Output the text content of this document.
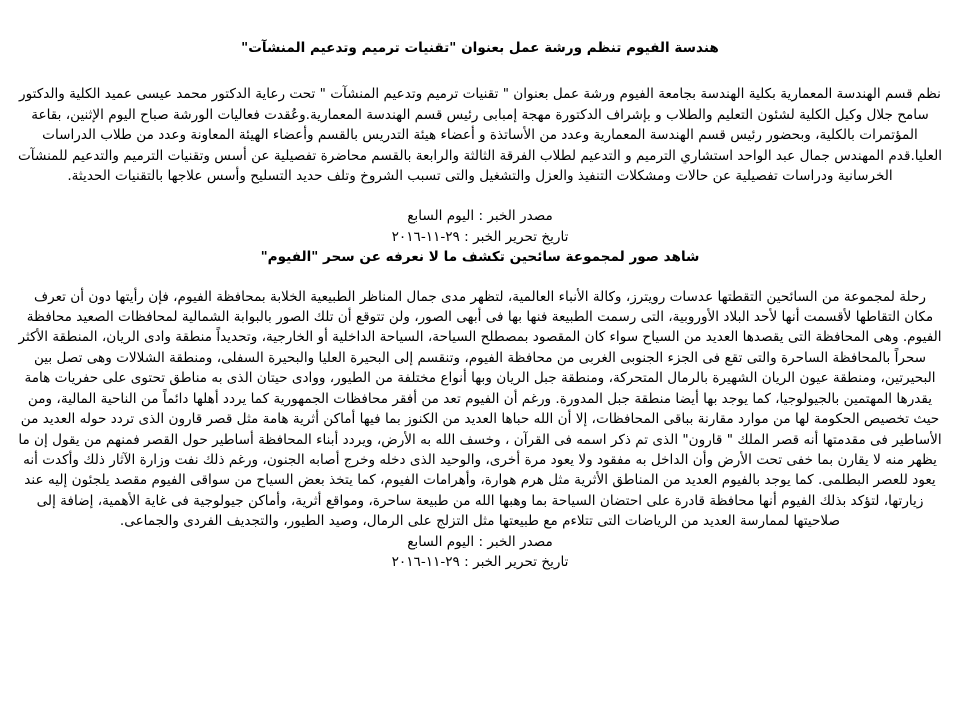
هندسة الفيوم تنظم ورشة عمل بعنوان "تقنيات ترميم وتدعيم المنشآت"

نظم قسم الهندسة المعمارية بكلية الهندسة بجامعة الفيوم ورشة عمل بعنوان " تقنيات ترميم وتدعيم المنشآت " تحت رعاية الدكتور محمد عيسى عميد الكلية والدكتور سامح جلال وكيل الكلية لشئون التعليم والطلاب و بإشراف الدكتورة مهجة إمبابى رئيس قسم الهندسة المعمارية.وعُقدت فعاليات الورشة صباح اليوم الإثنين، بقاعة المؤتمرات بالكلية، وبحضور رئيس قسم الهندسة المعمارية وعدد من الأساتذة و أعضاء هيئة التدريس بالقسم وأعضاء الهيئة المعاونة وعدد من طلاب الدراسات العليا.قدم المهندس جمال عبد الواحد استشاري الترميم و التدعيم لطلاب الفرقة الثالثة والرابعة بالقسم محاضرة تفصيلية عن أسس وتقنيات الترميم والتدعيم للمنشآت الخرسانية ودراسات تفصيلية عن حالات ومشكلات التنفيذ والعزل والتشغيل والتى تسبب الشروخ وتلف حديد التسليح وأسس علاجها بالتقنيات الحديثة.

مصدر الخبر : اليوم السابع

تاريخ تحرير الخبر : ٢٩-١١-٢٠١٦

شاهد صور لمجموعة سائحين تكشف ما لا نعرفه عن سحر "الفيوم"

رحلة لمجموعة من السائحين التقطتها عدسات رويترز، وكالة الأنباء العالمية، لتظهر مدى جمال المناظر الطبيعية الخلابة بمحافظة الفيوم، فإن رأيتها دون أن تعرف مكان التقاطها لأقسمت أنها لأحد البلاد الأوروبية، التى رسمت الطبيعة فنها بها فى أبهى الصور، ولن تتوقع أن تلك الصور بالبوابة الشمالية لمحافظات الصعيد محافظة الفيوم. وهى المحافظة التى يقصدها العديد من السياح سواء كان المقصود بمصطلح السياحة، السياحة الداخلية أو الخارجية، وتحديداً منطقة وادى الريان، المنطقة الأكثر سحراً بالمحافظة الساحرة والتى تقع فى الجزء الجنوبى الغربى من محافظة الفيوم، وتنقسم إلى البحيرة العليا والبحيرة السفلى، ومنطقة الشلالات وهى تصل بين البحيرتين، ومنطقة عيون الريان الشهيرة بالرمال المتحركة، ومنطقة جبل الريان وبها أنواع مختلفة من الطيور، ووادى حيتان الذى به مناطق تحتوى على حفريات هامة يقدرها المهتمين بالجيولوجيا، كما يوجد بها أيضا منطقة جبل المدورة. ورغم أن الفيوم تعد من أفقر محافظات الجمهورية كما يردد أهلها دائماً من الناحية المالية، ومن حيث تخصيص الحكومة لها من موارد مقارنة بباقى المحافظات، إلا أن الله حباها العديد من الكنوز بما فيها أماكن أثرية هامة مثل قصر قارون الذى تردد حوله العديد من الأساطير فى مقدمتها أنه قصر الملك " قارون" الذى تم ذكر اسمه فى القرآن ، وخسف الله به الأرض، ويردد أبناء المحافظة أساطير حول القصر فمنهم من يقول إن ما يظهر منه لا يقارن بما خفى تحت الأرض وأن الداخل به مفقود ولا يعود مرة أخرى، والوحيد الذى دخله وخرج أصابه الجنون، ورغم ذلك نفت وزارة الآثار ذلك وأكدت أنه يعود للعصر البطلمى. كما يوجد بالفيوم العديد من المناطق الأثرية مثل هرم هوارة، وأهرامات الفيوم، كما يتخذ بعض السياح من سواقى الفيوم مقصد يلجئون إليه عند زيارتها، لتؤكد بذلك الفيوم أنها محافظة قادرة على احتضان السياحة بما وهبها الله من طبيعة ساحرة، ومواقع أثرية، وأماكن جيولوجية فى غاية الأهمية، إضافة إلى صلاحيتها لممارسة العديد من الرياضات التى تتلاءم مع طبيعتها مثل التزلج على الرمال، وصيد الطيور، والتجديف الفردى والجماعى.

مصدر الخبر : اليوم السابع

تاريخ تحرير الخبر : ٢٩-١١-٢٠١٦
